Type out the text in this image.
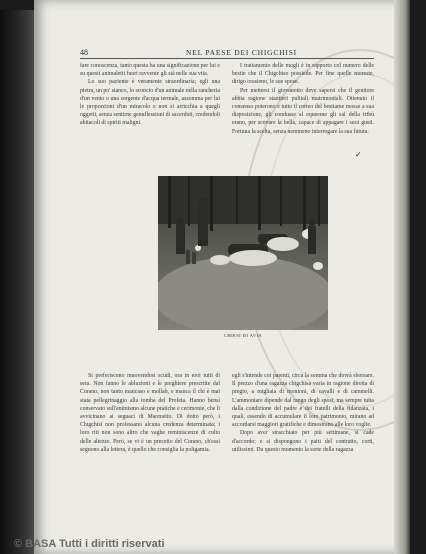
48	NEL PAESE DEI CHIGCHISI

fare conoscenza, tanto questa ha una significazione per lui e su questi animaletti fuori ravvente gli stà nelle sua vita.

Lo suo paziente è veramente straordinaria; egli una pietra, un po' stanco, lo sconcio d'un animale nella rancheria d'un vento o una sorgente d'acqua termale, assomma per lui le proporzioni d'un miracolo e non si arricchia a quegli oggetti, senza sentirne genuflessioni di sacerdoti, credendoli abitacoli di spiriti maligni.

I trattamento delle mogli è in rapporto col numero delle bestie che il Chigchiso possiede. Per fine quelle moreste, dirigo orasieno, le sue spose.

Per mettersi il giovanotto deve sapersi che il genitore abbia ragione stantieri pulitali matrimoniali. Ottenuto il consenso poterono e tutto il corteo del bestiame mosse a sua disposizione, gli condusse al equeeme gli sal della tribù erano, per scovare la bella, capace di appagare i suoi gusti. Fortuna la scelta, senza nemmeno interrogare la sua futura.

✓
CHIESI DI AVIA

Si preferiscono muovendosi scudi, ora in eroi tutti di sera. Non fanno le abluzioni e le preghiere prescritte dal Corano; non tanto mancaso e mollah, e manca il chi è mai stata pellegrinaggio alla tomba del Profeta. Hanno bensì conservato sull'animismo alcune pratiche e cerimonie, che li avvicinano ai seguaci di Maometto. Di dotto però, i Chigchisi non professano alcuna credenza determinata; i loro riti non sono altro che vaghe reminiscenze di culto delle altezze. Però, se vi è un precetto del Corano, ch'essi seguono alla lettera, è quello che consiglia la poligamia.

egli s'intende coi parenti, circa la somma che dovrà sborsare. Il prezzo d'una ragazza chigchisa varia in ragione diretta di pregio, a migliaia di montoni, di cavalli e di cammelli. L'ammontare dipende dal rango degli sposi, ma sempre tutta dalla condizione del padre e dei fratelli della fidanzata, i quali, essendo di accumulare il loro patrimonio, mirano ad accordarsi maggiori gratifiche e dimostrano alle loro voglie.

Dopo aver stracchiato per più settimane, si cade d'accordo; e si dispongono i patti del contratto, corti, utilissimi. Da questo momento la sorte della ragazza

© BASA Tutti i diritti riservati
